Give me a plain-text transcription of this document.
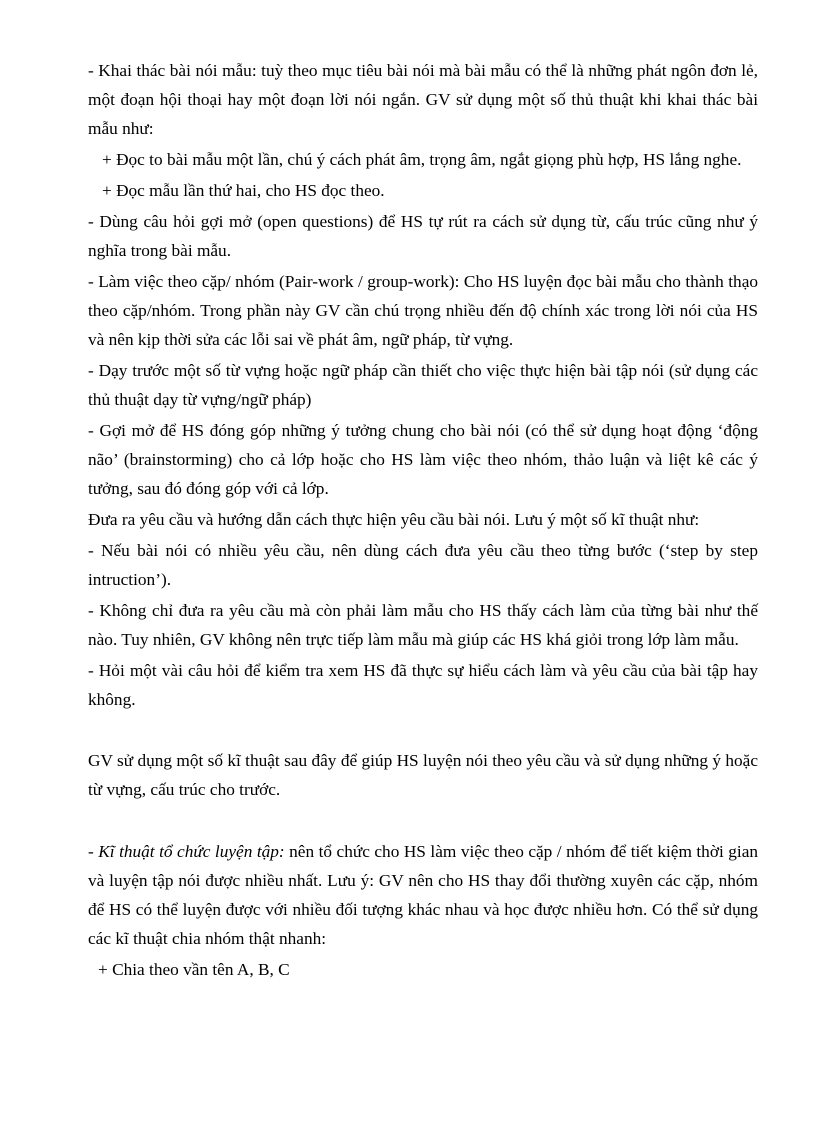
- Khai thác bài nói mẫu: tuỳ theo mục tiêu bài nói mà bài mẫu có thể là những phát ngôn đơn lẻ, một đoạn hội thoại hay một đoạn lời nói ngắn. GV sử dụng một số thủ thuật khi khai thác bài mẫu như:

+ Đọc to bài mẫu một lần, chú ý cách phát âm, trọng âm, ngắt giọng phù hợp, HS lắng nghe.

+ Đọc mẫu lần thứ hai, cho HS đọc theo.

- Dùng câu hỏi gợi mở (open questions) để HS tự rút ra cách sử dụng từ, cấu trúc cũng như ý nghĩa trong bài mẫu.

- Làm việc theo cặp/ nhóm (Pair-work / group-work): Cho HS luyện đọc bài mẫu cho thành thạo theo cặp/nhóm. Trong phần này GV cần chú trọng nhiều đến độ chính xác trong lời nói của HS và nên kịp thời sửa các lỗi sai về phát âm, ngữ pháp, từ vựng.

- Dạy trước một số từ vựng hoặc ngữ pháp cần thiết cho việc thực hiện bài tập nói (sử dụng các thủ thuật dạy từ vựng/ngữ pháp)

- Gợi mở để HS đóng góp những ý tưởng chung cho bài nói (có thể sử dụng hoạt động ‘động não’ (brainstorming) cho cả lớp hoặc cho HS làm việc theo nhóm, thảo luận và liệt kê các ý tưởng, sau đó đóng góp với cả lớp.

Đưa ra yêu cầu và hướng dẫn cách thực hiện yêu cầu bài nói. Lưu ý một số kĩ thuật như:

- Nếu bài nói có nhiều yêu cầu, nên dùng cách đưa yêu cầu theo từng bước (‘step by step intruction’).

- Không chỉ đưa ra yêu cầu mà còn phải làm mẫu cho HS thấy cách làm của từng bài như thế nào. Tuy nhiên, GV không nên trực tiếp làm mẫu mà giúp các HS khá giỏi trong lớp làm mẫu.

- Hỏi một vài câu hỏi để kiểm tra xem HS đã thực sự hiểu cách làm và yêu cầu của bài tập hay không.

GV sử dụng một số kĩ thuật sau đây để giúp HS luyện nói theo yêu cầu và sử dụng những ý hoặc từ vựng, cấu trúc cho trước.

- Kĩ thuật tổ chức luyện tập: nên tổ chức cho HS làm việc theo cặp / nhóm để tiết kiệm thời gian và luyện tập nói được nhiều nhất. Lưu ý: GV nên cho HS thay đổi thường xuyên các cặp, nhóm để HS có thể luyện được với nhiều đối tượng khác nhau và học được nhiều hơn. Có thể sử dụng các kĩ thuật chia nhóm thật nhanh:

+ Chia theo vần tên A, B, C
